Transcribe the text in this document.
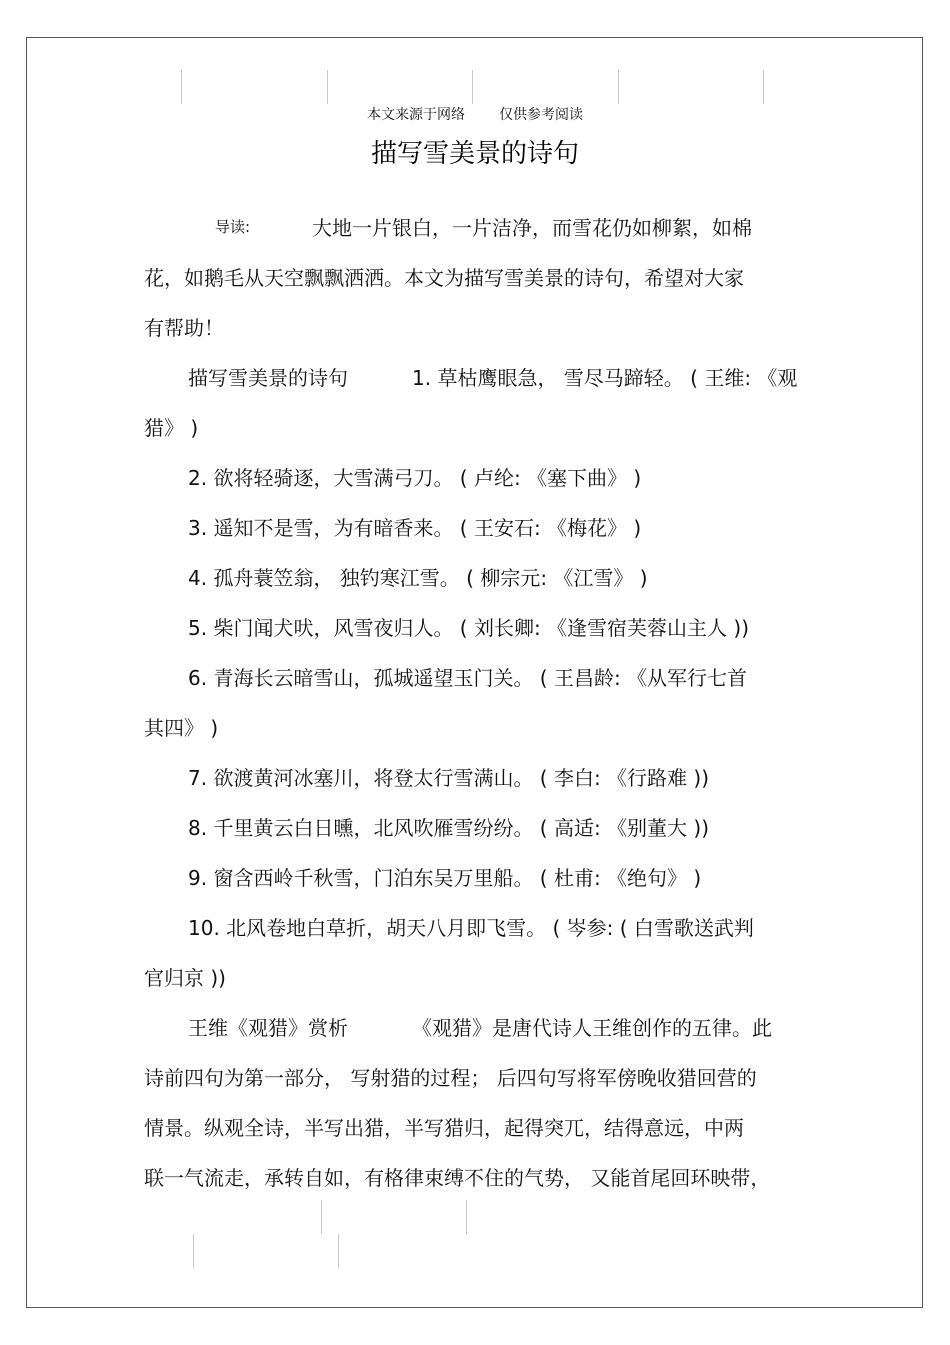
本文来源于网络 仅供参考阅读
描写雪美景的诗句
导读:	大地一片银白，一片洁净，而雪花仍如柳絮，如棉
花，如鹅毛从天空飘飘洒洒。本文为描写雪美景的诗句，希望对大家
有帮助！
描写雪美景的诗句	1. 草枯鹰眼急， 雪尽马蹄轻。 ( 王维: 《观
猎》 )
2. 欲将轻骑逐，大雪满弓刀。 ( 卢纶: 《塞下曲》 )
3. 遥知不是雪，为有暗香来。 ( 王安石: 《梅花》 )
4. 孤舟蓑笠翁， 独钓寒江雪。 ( 柳宗元: 《江雪》 )
5. 柴门闻犬吠，风雪夜归人。 ( 刘长卿: 《逢雪宿芙蓉山主人 ))
6. 青海长云暗雪山，孤城遥望玉门关。 ( 王昌龄: 《从军行七首
其四》 )
7. 欲渡黄河冰塞川，将登太行雪满山。 ( 李白: 《行路难 ))
8. 千里黄云白日曛，北风吹雁雪纷纷。 ( 高适: 《别董大 ))
9. 窗含西岭千秋雪，门泊东吴万里船。 ( 杜甫: 《绝句》 )
10. 北风卷地白草折，胡天八月即飞雪。 ( 岑参: ( 白雪歌送武判
官归京 ))
王维《观猎》赏析	《观猎》是唐代诗人王维创作的五律。此
诗前四句为第一部分， 写射猎的过程； 后四句写将军傍晚收猎回营的
情景。纵观全诗，半写出猎，半写猎归，起得突兀，结得意远，中两
联一气流走，承转自如，有格律束缚不住的气势， 又能首尾回环映带，
